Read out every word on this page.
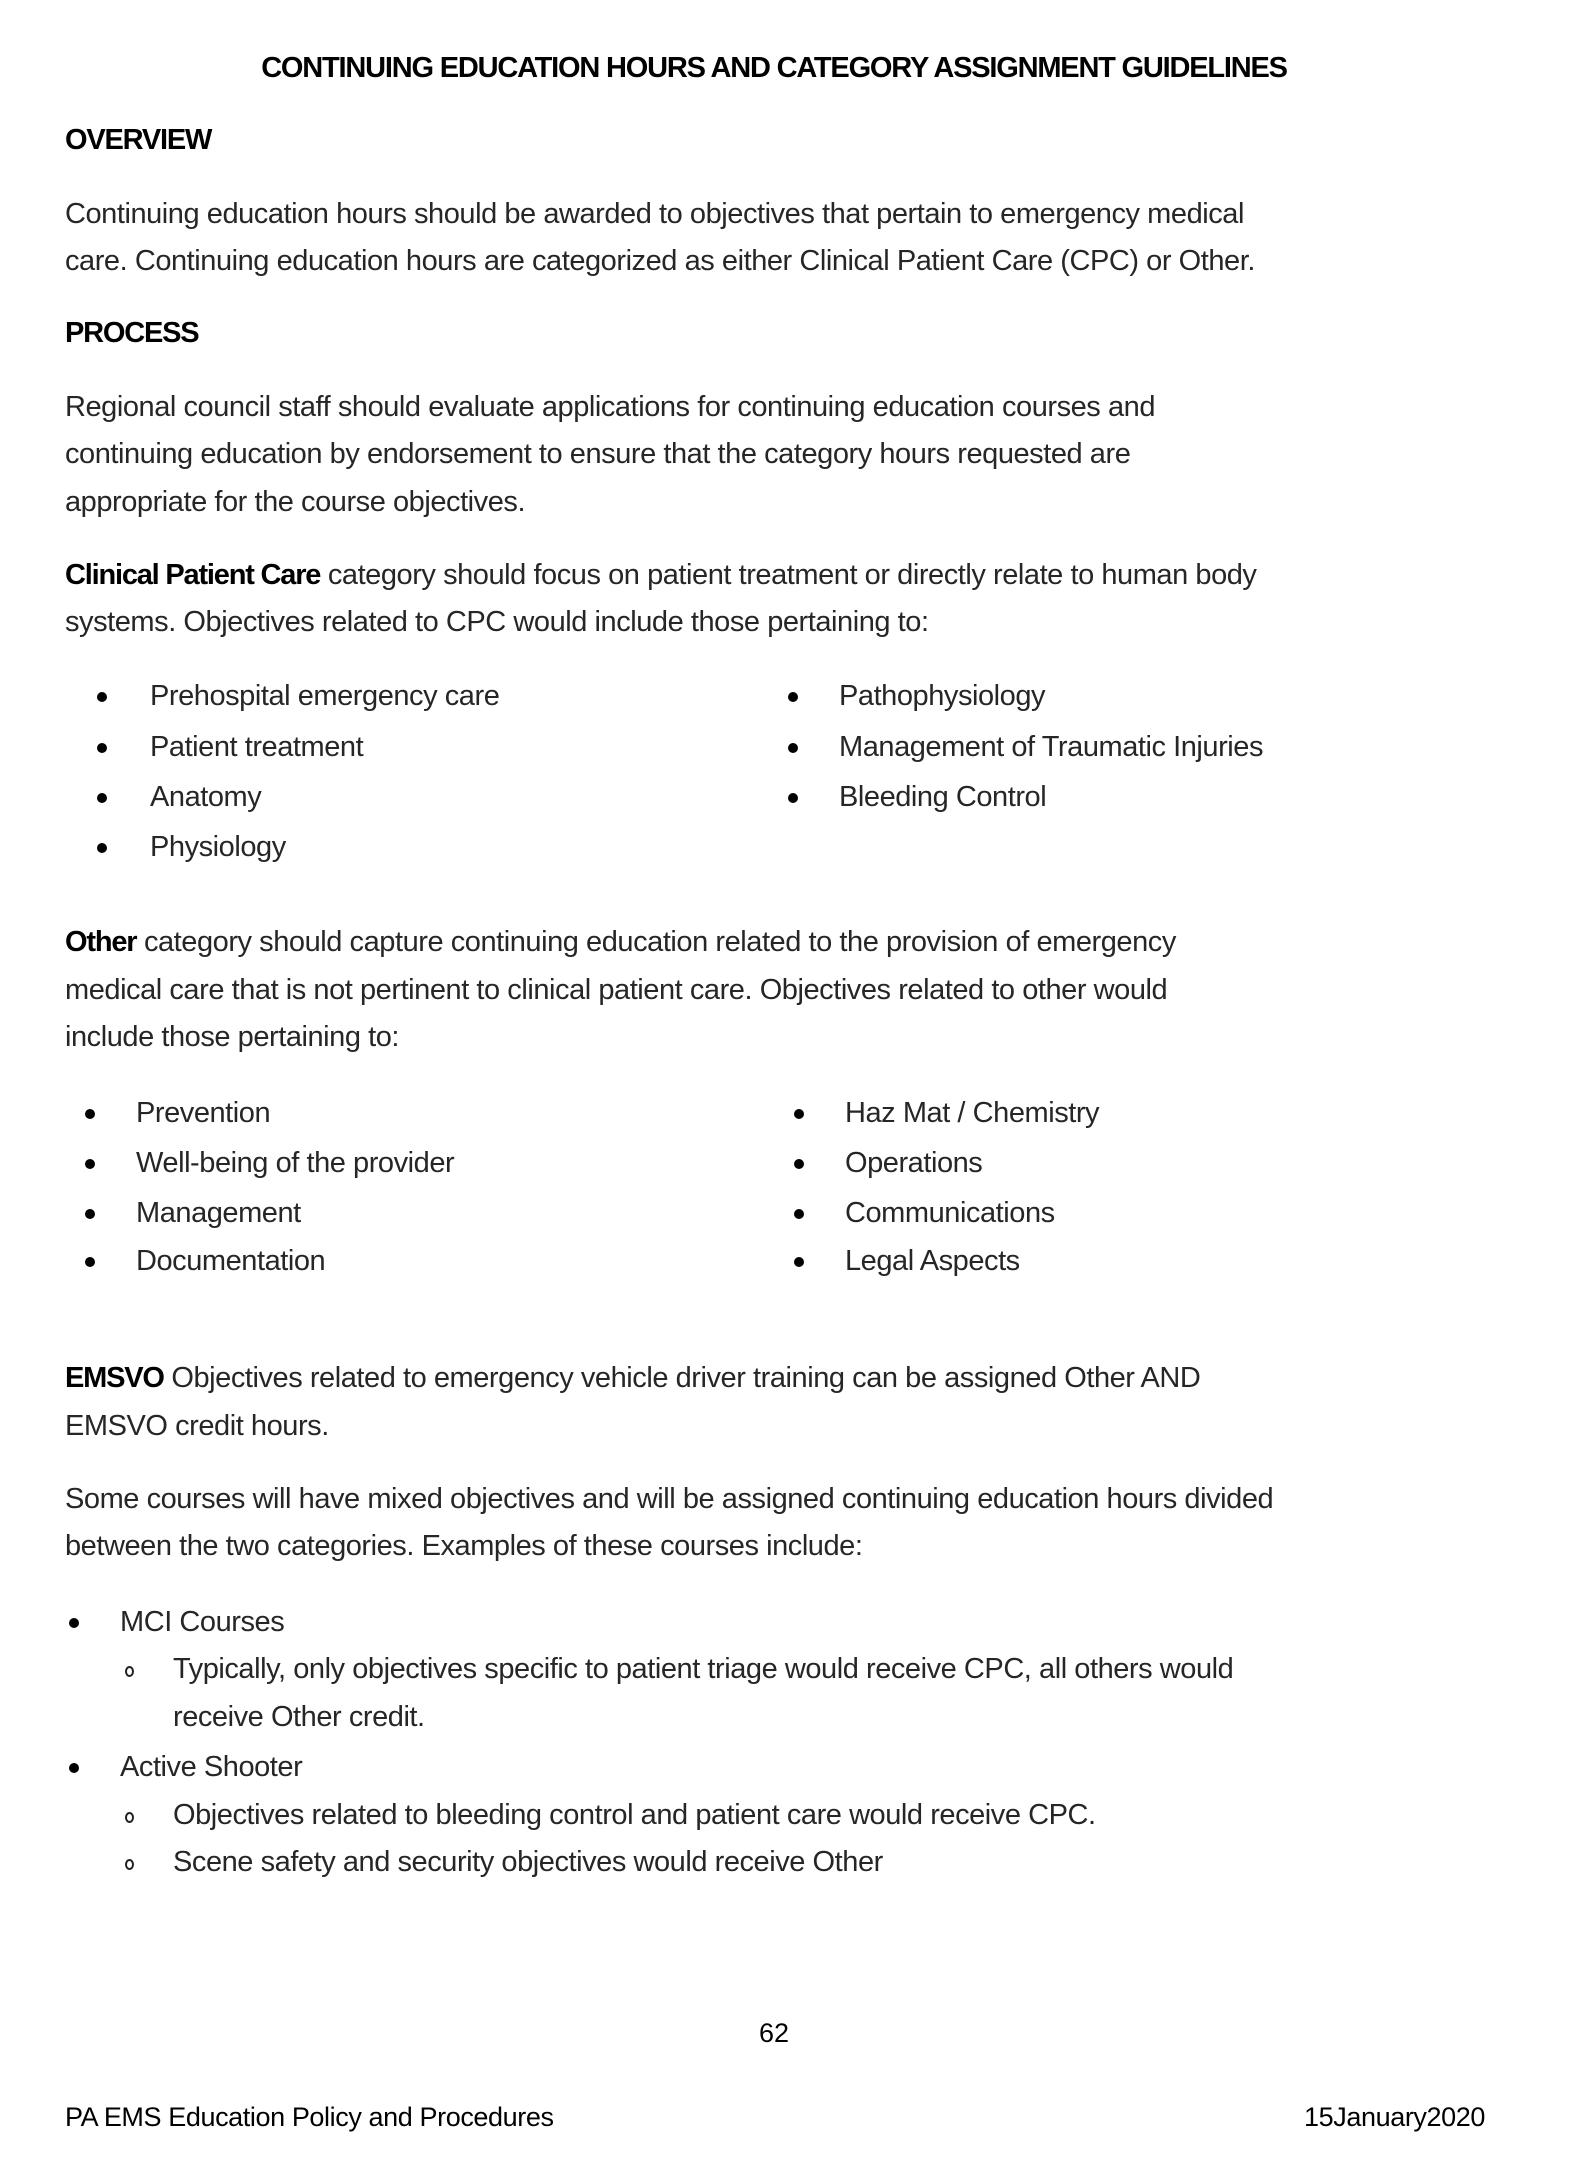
CONTINUING EDUCATION HOURS AND CATEGORY ASSIGNMENT GUIDELINES
OVERVIEW
Continuing education hours should be awarded to objectives that pertain to emergency medical
care. Continuing education hours are categorized as either Clinical Patient Care (CPC) or Other.
PROCESS
Regional council staff should evaluate applications for continuing education courses and
continuing education by endorsement to ensure that the category hours requested are
appropriate for the course objectives.
Clinical Patient Care category should focus on patient treatment or directly relate to human body
systems. Objectives related to CPC would include those pertaining to:
Prehospital emergency care
Patient treatment
Anatomy
Physiology
Pathophysiology
Management of Traumatic Injuries
Bleeding Control
Other category should capture continuing education related to the provision of emergency
medical care that is not pertinent to clinical patient care. Objectives related to other would
include those pertaining to:
Prevention
Well-being of the provider
Management
Documentation
Haz Mat / Chemistry
Operations
Communications
Legal Aspects
EMSVO Objectives related to emergency vehicle driver training can be assigned Other AND
EMSVO credit hours.
Some courses will have mixed objectives and will be assigned continuing education hours divided
between the two categories. Examples of these courses include:
MCI Courses
Typically, only objectives specific to patient triage would receive CPC, all others would
receive Other credit.
Active Shooter
Objectives related to bleeding control and patient care would receive CPC.
Scene safety and security objectives would receive Other
62
PA EMS Education Policy and Procedures	15January2020
